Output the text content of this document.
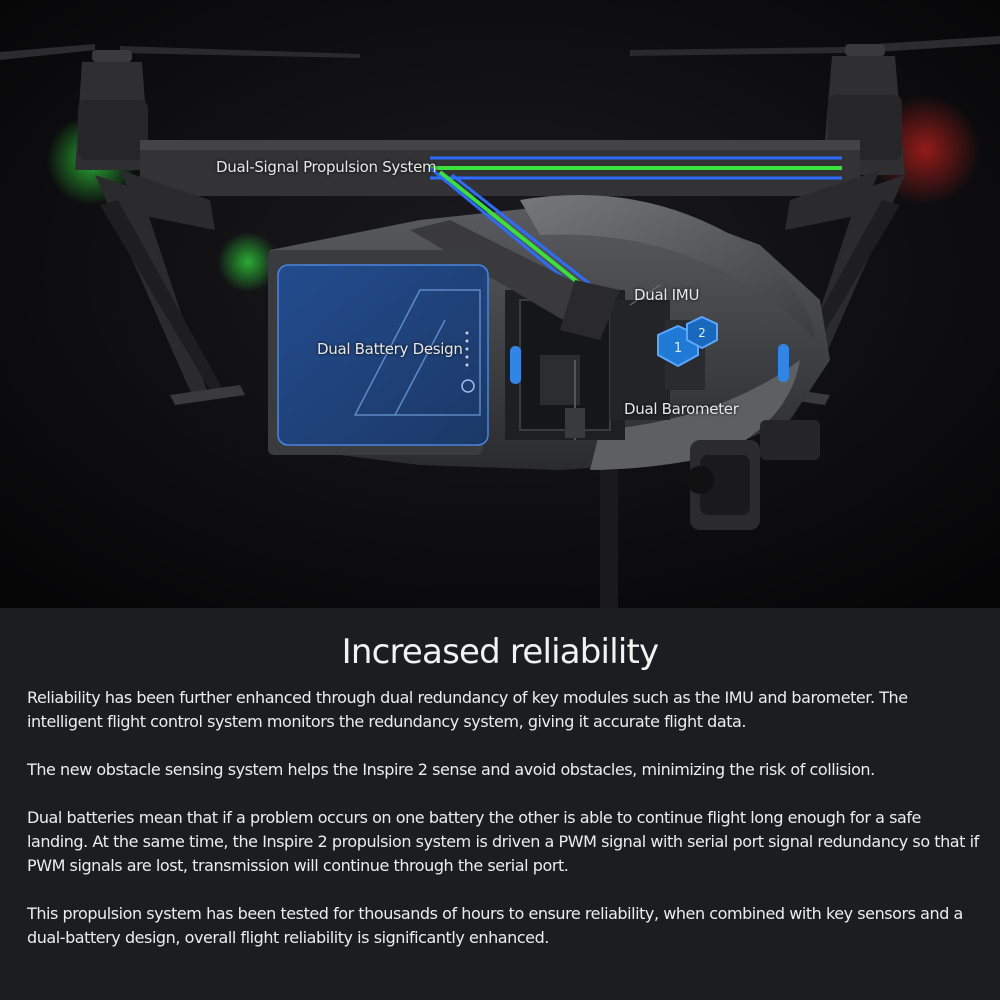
1
2
Dual-Signal Propulsion System
Dual Battery Design
Dual IMU
Dual Barometer
Increased reliability

Reliability has been further enhanced through dual redundancy of key modules such as the IMU and barometer. The intelligent flight control system monitors the redundancy system, giving it accurate flight data.

The new obstacle sensing system helps the Inspire 2 sense and avoid obstacles, minimizing the risk of collision.

Dual batteries mean that if a problem occurs on one battery the other is able to continue flight long enough for a safe landing. At the same time, the Inspire 2 propulsion system is driven a PWM signal with serial port signal redundancy so that if PWM signals are lost, transmission will continue through the serial port.

This propulsion system has been tested for thousands of hours to ensure reliability, when combined with key sensors and a dual-battery design, overall flight reliability is significantly enhanced.
